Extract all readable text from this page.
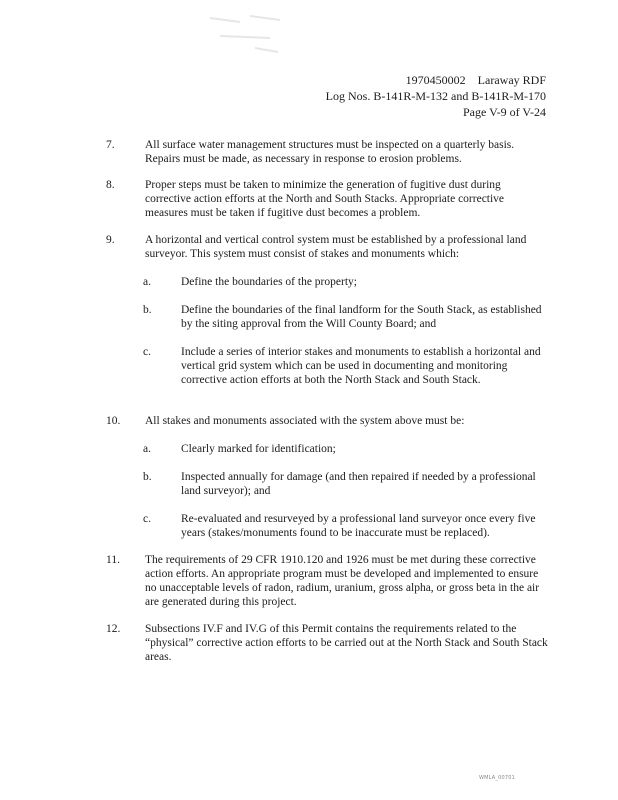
1970450002    Laraway RDF
Log Nos. B-141R-M-132 and B-141R-M-170
Page V-9 of V-24
7.	All surface water management structures must be inspected on a quarterly basis. Repairs must be made, as necessary in response to erosion problems.
8.	Proper steps must be taken to minimize the generation of fugitive dust during corrective action efforts at the North and South Stacks. Appropriate corrective measures must be taken if fugitive dust becomes a problem.
9.	A horizontal and vertical control system must be established by a professional land surveyor. This system must consist of stakes and monuments which:
a.	Define the boundaries of the property;
b.	Define the boundaries of the final landform for the South Stack, as established by the siting approval from the Will County Board; and
c.	Include a series of interior stakes and monuments to establish a horizontal and vertical grid system which can be used in documenting and monitoring corrective action efforts at both the North Stack and South Stack.
10.	All stakes and monuments associated with the system above must be:
a.	Clearly marked for identification;
b.	Inspected annually for damage (and then repaired if needed by a professional land surveyor); and
c.	Re-evaluated and resurveyed by a professional land surveyor once every five years (stakes/monuments found to be inaccurate must be replaced).
11.	The requirements of 29 CFR 1910.120 and 1926 must be met during these corrective action efforts. An appropriate program must be developed and implemented to ensure no unacceptable levels of radon, radium, uranium, gross alpha, or gross beta in the air are generated during this project.
12.	Subsections IV.F and IV.G of this Permit contains the requirements related to the “physical” corrective action efforts to be carried out at the North Stack and South Stack areas.
WMLA_00701
